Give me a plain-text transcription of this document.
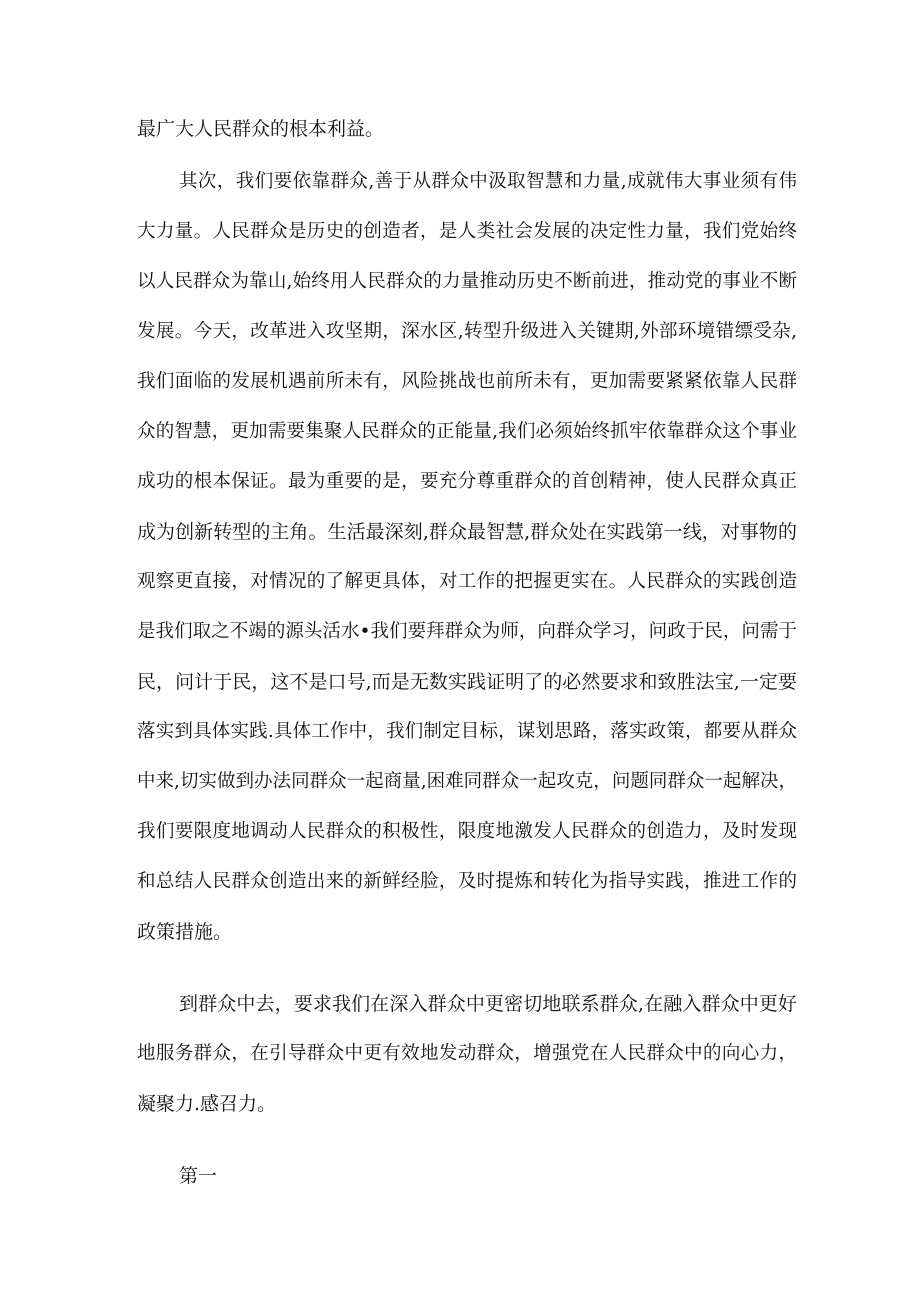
最广大人民群众的根本利益。
其次，我们要依靠群众,善于从群众中汲取智慧和力量,成就伟大事业须有伟
大力量。人民群众是历史的创造者，是人类社会发展的决定性力量，我们党始终
以人民群众为靠山,始终用人民群众的力量推动历史不断前进，推动党的事业不断
发展。今天，改革进入攻坚期，深水区,转型升级进入关键期,外部环境错缥受杂,
我们面临的发展机遇前所未有，风险挑战也前所未有，更加需要紧紧依靠人民群
众的智慧，更加需要集聚人民群众的正能量,我们必须始终抓牢依靠群众这个事业
成功的根本保证。最为重要的是，要充分尊重群众的首创精神，使人民群众真正
成为创新转型的主角。生活最深刻,群众最智慧,群众处在实践第一线，对事物的
观察更直接，对情况的了解更具体，对工作的把握更实在。人民群众的实践创造
是我们取之不竭的源头活水•我们要拜群众为师，向群众学习，问政于民，问需于
民，问计于民，这不是口号,而是无数实践证明了的必然要求和致胜法宝,一定要
落实到具体实践.具体工作中，我们制定目标，谋划思路，落实政策，都要从群众
中来,切实做到办法同群众一起商量,困难同群众一起攻克，问题同群众一起解决，
我们要限度地调动人民群众的积极性，限度地激发人民群众的创造力，及时发现
和总结人民群众创造出来的新鲜经脸，及时提炼和转化为指导实践，推进工作的
政策措施。
到群众中去，要求我们在深入群众中更密切地联系群众,在融入群众中更好
地服务群众，在引导群众中更有效地发动群众，增强党在人民群众中的向心力，
凝聚力.感召力。
第一
